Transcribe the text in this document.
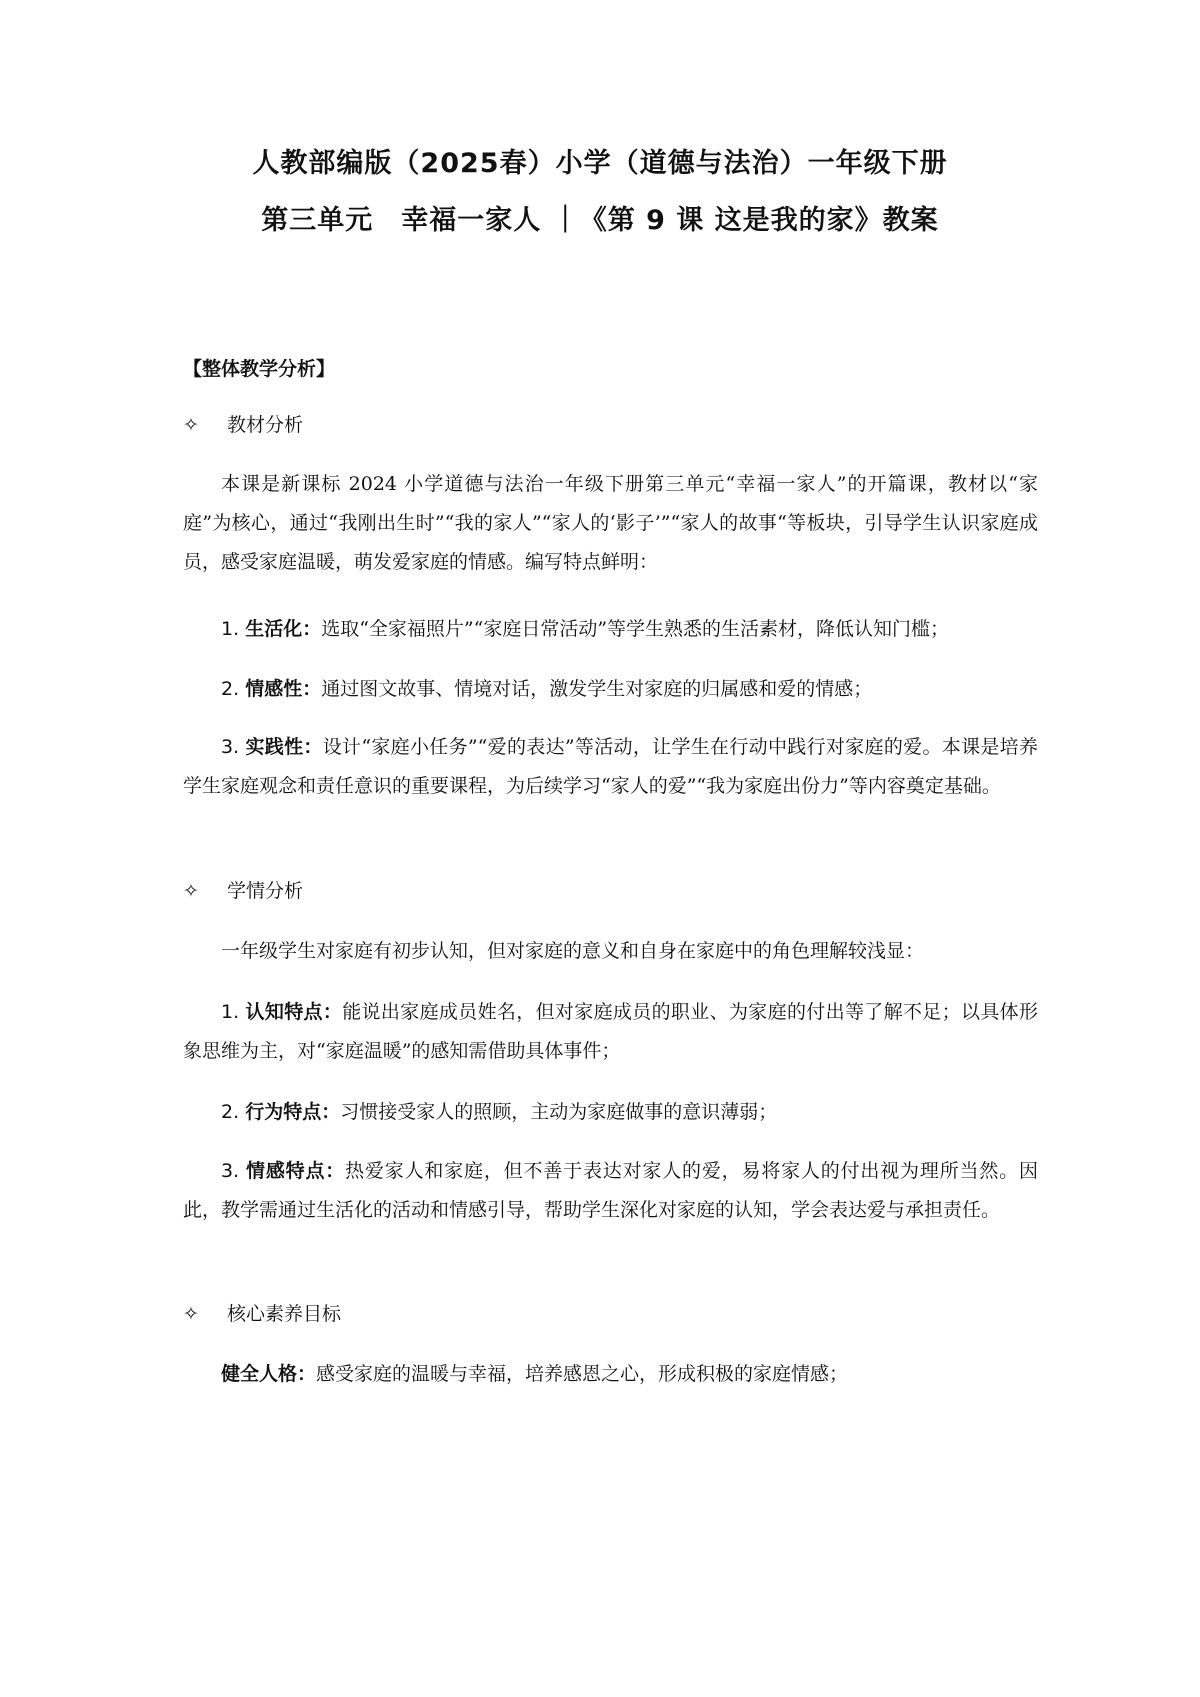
人教部编版（2025春）小学（道德与法治）一年级下册
第三单元　幸福一家人 ｜《第 9 课 这是我的家》教案
【整体教学分析】
✧ 教材分析
本课是新课标 2024 小学道德与法治一年级下册第三单元“幸福一家人”的开篇课，教材以“家庭”为核心，通过“我刚出生时”“我的家人”“家人的‘影子’”“家人的故事“等板块，引导学生认识家庭成员，感受家庭温暖，萌发爱家庭的情感。编写特点鲜明：
1. 生活化：选取“全家福照片”“家庭日常活动”等学生熟悉的生活素材，降低认知门槛；
2. 情感性：通过图文故事、情境对话，激发学生对家庭的归属感和爱的情感；
3. 实践性：设计“家庭小任务”“爱的表达”等活动，让学生在行动中践行对家庭的爱。本课是培养学生家庭观念和责任意识的重要课程，为后续学习“家人的爱”“我为家庭出份力”等内容奠定基础。
✧ 学情分析
一年级学生对家庭有初步认知，但对家庭的意义和自身在家庭中的角色理解较浅显：
1. 认知特点：能说出家庭成员姓名，但对家庭成员的职业、为家庭的付出等了解不足；以具体形象思维为主，对“家庭温暖”的感知需借助具体事件；
2. 行为特点：习惯接受家人的照顾，主动为家庭做事的意识薄弱；
3. 情感特点：热爱家人和家庭，但不善于表达对家人的爱，易将家人的付出视为理所当然。因此，教学需通过生活化的活动和情感引导，帮助学生深化对家庭的认知，学会表达爱与承担责任。
✧ 核心素养目标
健全人格：感受家庭的温暖与幸福，培养感恩之心，形成积极的家庭情感；
